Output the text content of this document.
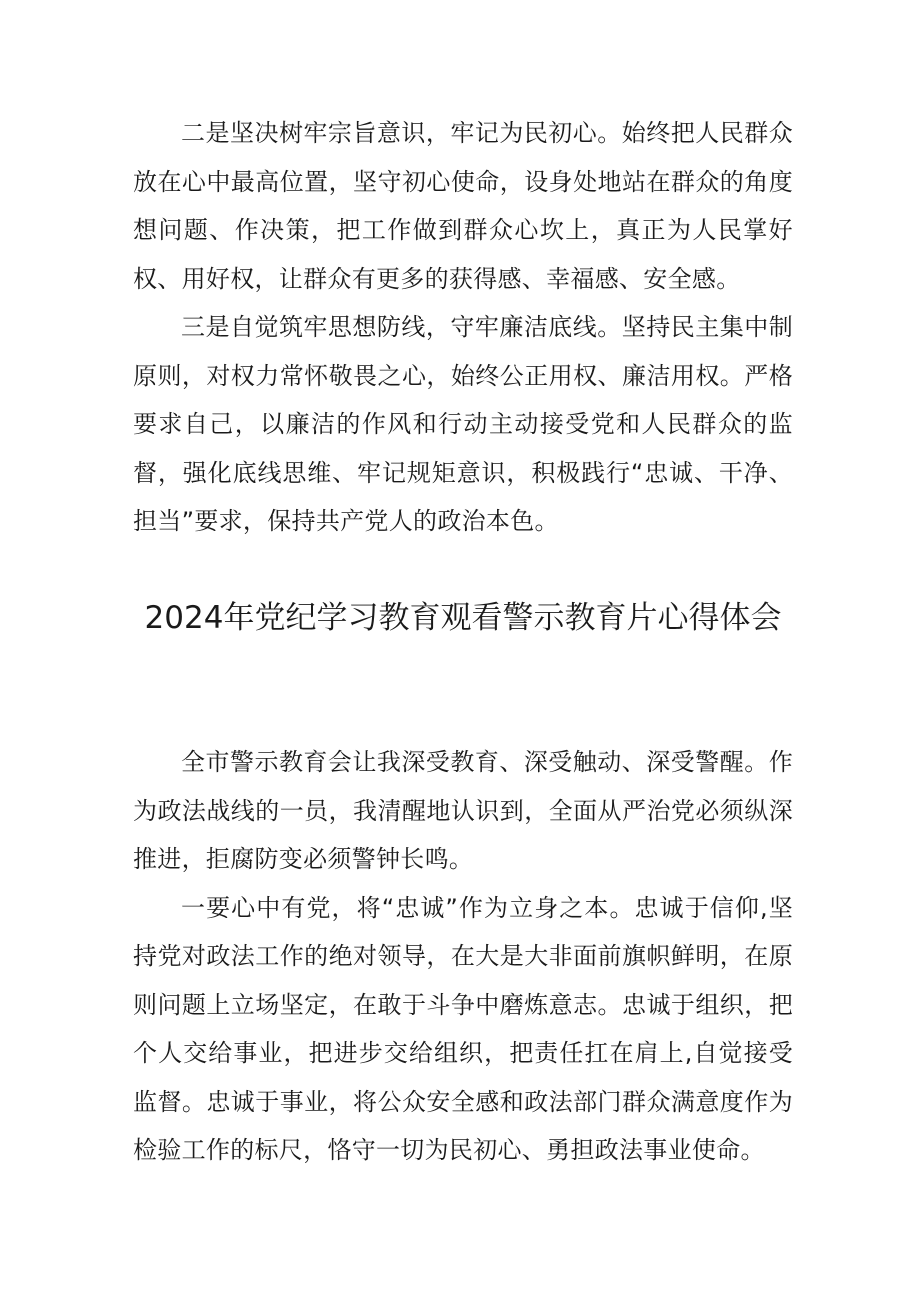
二是坚决树牢宗旨意识，牢记为民初心。始终把人民群众放在心中最高位置，坚守初心使命，设身处地站在群众的角度想问题、作决策，把工作做到群众心坎上，真正为人民掌好权、用好权，让群众有更多的获得感、幸福感、安全感。

三是自觉筑牢思想防线，守牢廉洁底线。坚持民主集中制原则，对权力常怀敬畏之心，始终公正用权、廉洁用权。严格要求自己，以廉洁的作风和行动主动接受党和人民群众的监督，强化底线思维、牢记规矩意识，积极践行“忠诚、干净、担当”要求，保持共产党人的政治本色。

2024年党纪学习教育观看警示教育片心得体会

全市警示教育会让我深受教育、深受触动、深受警醒。作为政法战线的一员，我清醒地认识到，全面从严治党必须纵深推进，拒腐防变必须警钟长鸣。

一要心中有党，将“忠诚”作为立身之本。忠诚于信仰,坚持党对政法工作的绝对领导，在大是大非面前旗帜鲜明，在原则问题上立场坚定，在敢于斗争中磨炼意志。忠诚于组织，把个人交给事业，把进步交给组织，把责任扛在肩上,自觉接受监督。忠诚于事业，将公众安全感和政法部门群众满意度作为检验工作的标尺，恪守一切为民初心、勇担政法事业使命。
